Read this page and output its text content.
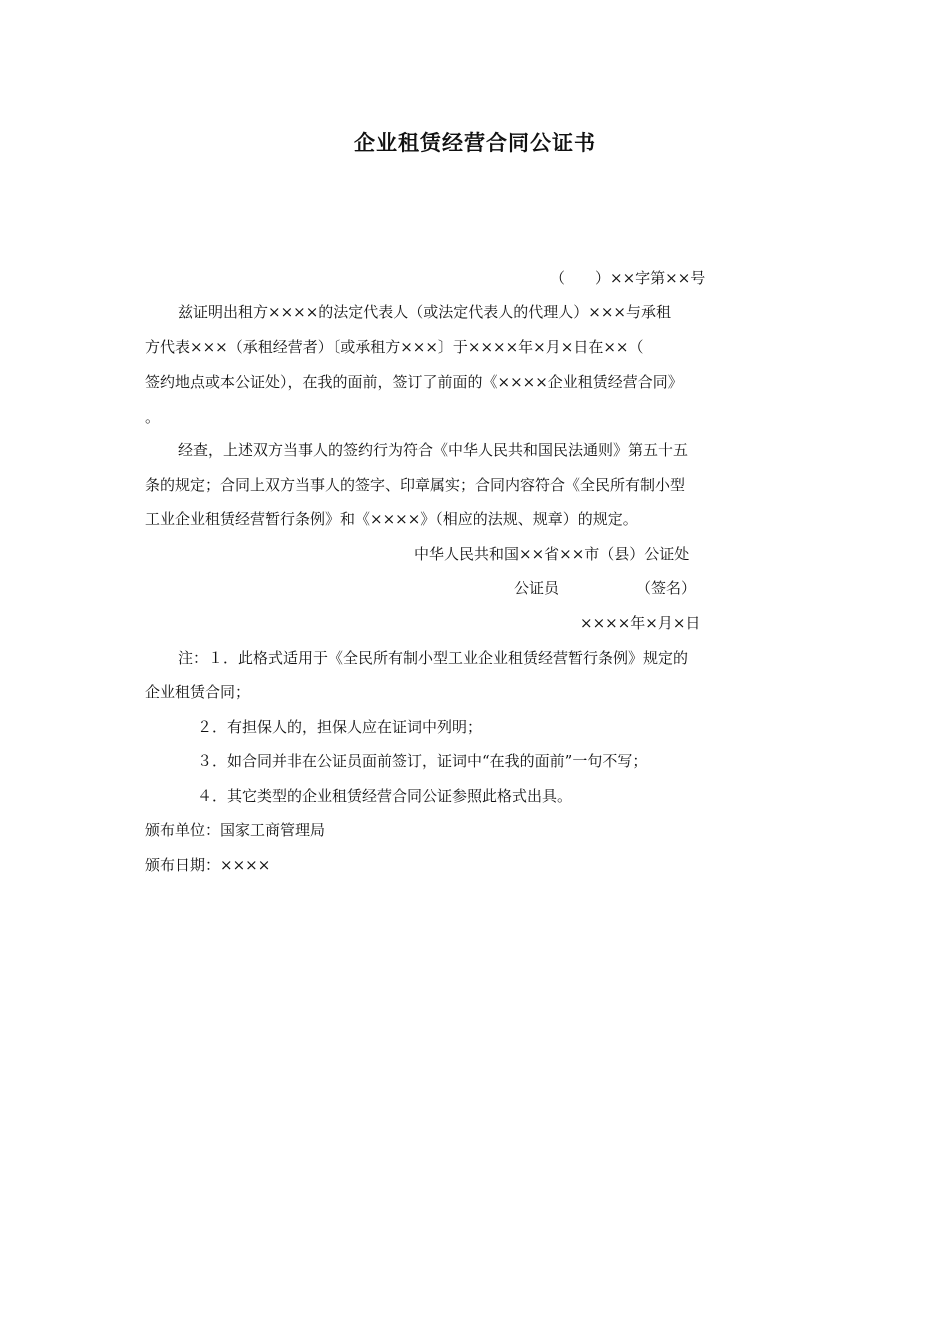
企业租赁经营合同公证书
（　　）××字第××号
兹证明出租方××××的法定代表人（或法定代表人的代理人）×××与承租
方代表×××（承租经营者）〔或承租方×××〕于××××年×月×日在××（
签约地点或本公证处），在我的面前，签订了前面的《××××企业租赁经营合同》
。
经查，上述双方当事人的签约行为符合《中华人民共和国民法通则》第五十五
条的规定；合同上双方当事人的签字、印章属实；合同内容符合《全民所有制小型
工业企业租赁经营暂行条例》和《××××》（相应的法规、规章）的规定。
中华人民共和国××省××市（县）公证处
公证员	（签名）
××××年×月×日
注：１．此格式适用于《全民所有制小型工业企业租赁经营暂行条例》规定的
企业租赁合同；
２．有担保人的，担保人应在证词中列明；
３．如合同并非在公证员面前签订，证词中“在我的面前”一句不写；
４．其它类型的企业租赁经营合同公证参照此格式出具。
颁布单位：国家工商管理局
颁布日期：××××
